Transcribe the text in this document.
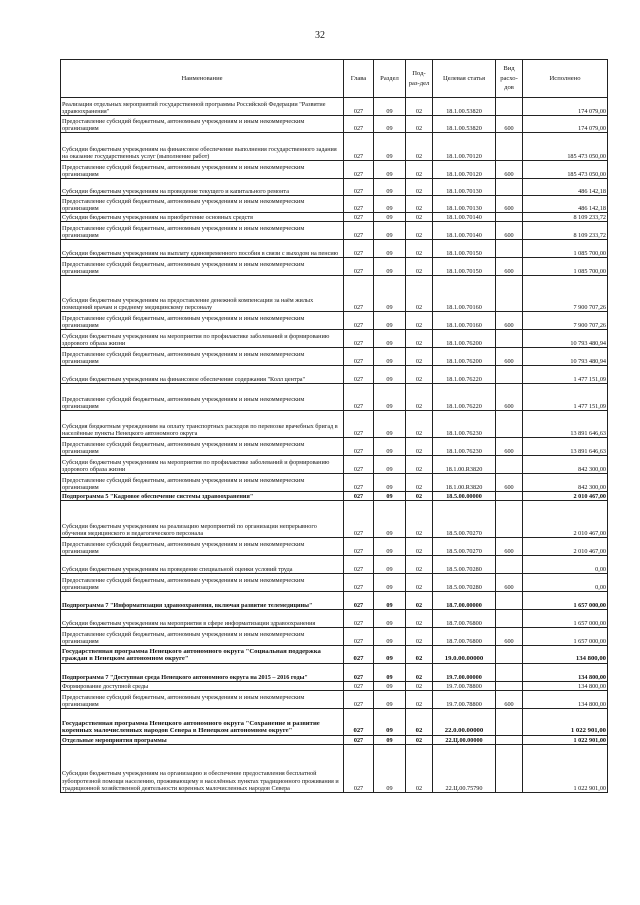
32
Наименование	Глава	Раздел	Под-раз-дел	Целевая статья	Вид расхо-дов	Исполнено
Реализация отдельных мероприятий государственной программы Российской Федерации "Развитие здравоохранения"	027	09	02	18.1.00.53820		174 079,00
Предоставление субсидий бюджетным, автономным учреждениям и иным некоммерческим организациям	027	09	02	18.1.00.53820	600	174 079,00
Субсидии бюджетным учреждениям на финансовое обеспечение выполнения государственного задания на оказание государственных услуг (выполнение работ)	027	09	02	18.1.00.70120		185 473 050,00
Предоставление субсидий бюджетным, автономным учреждениям и иным некоммерческим организациям	027	09	02	18.1.00.70120	600	185 473 050,00
Субсидии бюджетным учреждениям на проведение текущего и капитального ремонта	027	09	02	18.1.00.70130		486 142,18
Предоставление субсидий бюджетным, автономным учреждениям и иным некоммерческим организациям	027	09	02	18.1.00.70130	600	486 142,18
Субсидии бюджетным учреждениям на приобретение основных средств	027	09	02	18.1.00.70140		8 109 233,72
Предоставление субсидий бюджетным, автономным учреждениям и иным некоммерческим организациям	027	09	02	18.1.00.70140	600	8 109 233,72
Субсидии бюджетным учреждениям на выплату единовременного пособия в связи с выходом на пенсию	027	09	02	18.1.00.70150		1 085 700,00
Предоставление субсидий бюджетным, автономным учреждениям и иным некоммерческим организациям	027	09	02	18.1.00.70150	600	1 085 700,00
Субсидии бюджетным учреждениям на предоставление денежной компенсации за наём жилых помещений врачам и среднему медицинскому персоналу	027	09	02	18.1.00.70160		7 900 707,26
Предоставление субсидий бюджетным, автономным учреждениям и иным некоммерческим организациям	027	09	02	18.1.00.70160	600	7 900 707,26
Субсидии бюджетным учреждениям на мероприятия по профилактике заболеваний и формированию здорового образа жизни	027	09	02	18.1.00.76200		10 793 480,94
Предоставление субсидий бюджетным, автономным учреждениям и иным некоммерческим организациям	027	09	02	18.1.00.76200	600	10 793 480,94
Субсидии бюджетным учреждениям на финансовое обеспечение содержания "Колл центра"	027	09	02	18.1.00.76220		1 477 151,09
Предоставление субсидий бюджетным, автономным учреждениям и иным некоммерческим организациям	027	09	02	18.1.00.76220	600	1 477 151,09
Субсидия бюджетным учреждениям на оплату транспортных расходов по перевозке врачебных бригад в населённые пункты Ненецкого автономного округа	027	09	02	18.1.00.76230		13 891 646,63
Предоставление субсидий бюджетным, автономным учреждениям и иным некоммерческим организациям	027	09	02	18.1.00.76230	600	13 891 646,63
Субсидии бюджетным учреждениям на мероприятия по профилактике заболеваний и формированию здорового образа жизни	027	09	02	18.1.00.R3820		842 300,00
Предоставление субсидий бюджетным, автономным учреждениям и иным некоммерческим организациям	027	09	02	18.1.00.R3820	600	842 300,00
Подпрограмма 5 "Кадровое обеспечение системы здравоохранения"	027	09	02	18.5.00.00000		2 010 467,00
Субсидии бюджетным учреждениям на реализацию мероприятий по организации непрерывного обучения медицинского и педагогического персонала	027	09	02	18.5.00.70270		2 010 467,00
Предоставление субсидий бюджетным, автономным учреждениям и иным некоммерческим организациям	027	09	02	18.5.00.70270	600	2 010 467,00
Субсидии бюджетным учреждениям на проведение специальной оценки условий труда	027	09	02	18.5.00.70280		0,00
Предоставление субсидий бюджетным, автономным учреждениям и иным некоммерческим организациям	027	09	02	18.5.00.70280	600	0,00
Подпрограмма 7 "Информатизация здравоохранения, включая развитие телемедицины"	027	09	02	18.7.00.00000		1 657 000,00
Субсидии бюджетным учреждениям на мероприятия в сфере информатизации здравоохранения	027	09	02	18.7.00.76800		1 657 000,00
Предоставление субсидий бюджетным, автономным учреждениям и иным некоммерческим организациям	027	09	02	18.7.00.76800	600	1 657 000,00
Государственная программа Ненецкого автономного округа "Социальная поддержка граждан в Ненецком автономном округе"	027	09	02	19.0.00.00000		134 800,00
Подпрограмма 7 "Доступная среда Ненецкого автономного округа на 2015 – 2016 годы"	027	09	02	19.7.00.00000		134 800,00
Формирование доступной среды	027	09	02	19.7.00.78800		134 800,00
Предоставление субсидий бюджетным, автономным учреждениям и иным некоммерческим организациям	027	09	02	19.7.00.78800	600	134 800,00
Государственная программа Ненецкого автономного округа "Сохранение и развитие коренных малочисленных народов Севера в Ненецком автономном округе"	027	09	02	22.0.00.00000		1 022 901,00
Отдельные мероприятия программы	027	09	02	22.Ц.00.00000		1 022 901,00
Субсидии бюджетным учреждениям на организацию и обеспечение предоставления бесплатной зубопротезной помощи населению, проживающему в населённых пунктах традиционного проживания и традиционной хозяйственной деятельности коренных малочисленных народов Севера	027	09	02	22.Ц.00.75790		1 022 901,00
